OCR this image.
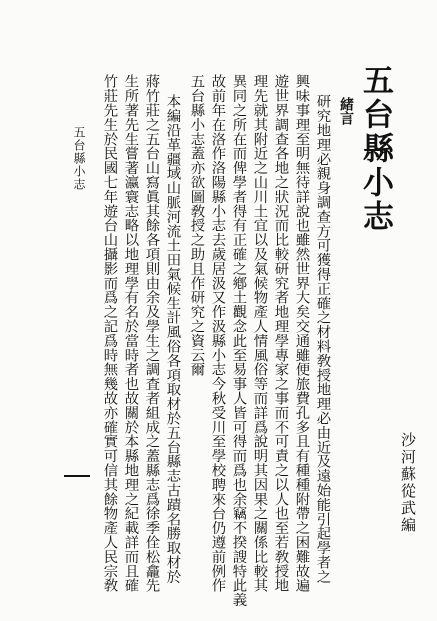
五台縣小志
沙河蘇從武編
緒言
研究地理必親身調查方可獲得正確之材料敎授地理必由近及遠始能引起學者之
興味事理至明無待詳說也雖然世界大矣交通雖便旅費孔多且有種種附帶之困難故遍
遊世界調查各地之狀況而比較研究者地理學專家之事而不可責之以人也至若敎授地
理先就其附近之山川土宜以及氣候物產人情風俗等而詳爲說明其因果之關係比較其
異同之所在而俾學者得有正確之鄕土觀念此至易事人皆可得而爲也余竊不揆謏特此義
故前年在洛作洛陽縣小志去歲居汲又作汲縣小志今秋受川至學校聘來台仍遵前例作
五台縣小志蓋亦欲圖敎授之助且作研究之資云爾
本編沿革疆域山脈河流土田氣候生計風俗各項取材於五台縣志古蹟名勝取材於
蔣竹莊之五台山寫眞其餘各項則由余及學生之調査者組成之蓋縣志爲徐季佺松龕先
生所著先生嘗著瀛寰志略以地理學有名於當時者也故關於本縣地理之紀載詳而且確
竹莊先生於民國七年遊台山攝影而爲之記爲時無幾故亦確實可信其餘物產人民宗敎
五台縣小志
